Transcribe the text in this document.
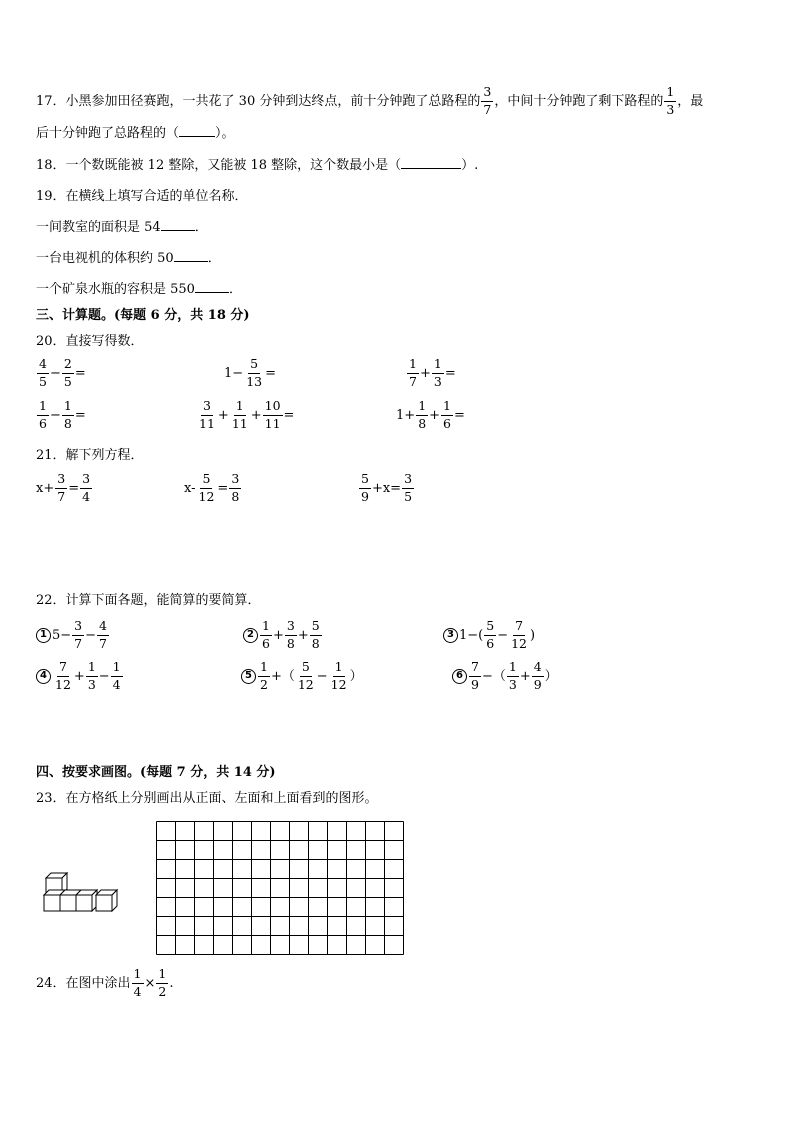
17．小黑参加田径赛跑，一共花了 30 分钟到达终点，前十分钟跑了总路程的 $\frac{3}{7}$ ，中间十分钟跑了剩下路程的 $\frac{1}{3}$ ，最
后十分钟跑了总路程的（	）。
18．一个数既能被 12 整除，又能被 18 整除，这个数最小是（	）.
19．在横线上填写合适的单位名称．
一间教室的面积是 54	．
一台电视机的体积约 50	．
一个矿泉水瓶的容积是 550	．
三、计算题。(每题 6 分，共 18 分)
20．直接写得数．
$\frac{4}{5} - \frac{2}{5}$ =	$1 - \frac{5}{13}$ =	$\frac{1}{7} + \frac{1}{3}$ =
$\frac{1}{6} - \frac{1}{8}$ =	$\frac{3}{11} + \frac{1}{11} + \frac{10}{11}$ =	$1 + \frac{1}{8} + \frac{1}{6}$ =
21．解下列方程．
$x+ \frac{3}{7} = \frac{3}{4}$	$x- \frac{5}{12} = \frac{3}{8}$	$\frac{5}{9} +x= \frac{3}{5}$
22．计算下面各题，能简算的要简算．
1 $5- \frac{3}{7} - \frac{4}{7}$	$2 \frac{1}{6} + \frac{3}{8} + \frac{5}{8}$	3 $1-( \frac{5}{6} - \frac{7}{12}$ )
$4 \frac{7}{12} + \frac{1}{3} - \frac{1}{4}$	$5 \frac{1}{2}$ +（ $\frac{5}{12} - \frac{1}{12}$ ）	$6 \frac{7}{9}$ −（ $\frac{1}{3} + \frac{4}{9}$ ）
四、按要求画图。(每题 7 分，共 14 分)
23．在方格纸上分别画出从正面、左面和上面看到的图形。
24．在图中涂出 $\frac{1}{4} \times \frac{1}{2}$ .
